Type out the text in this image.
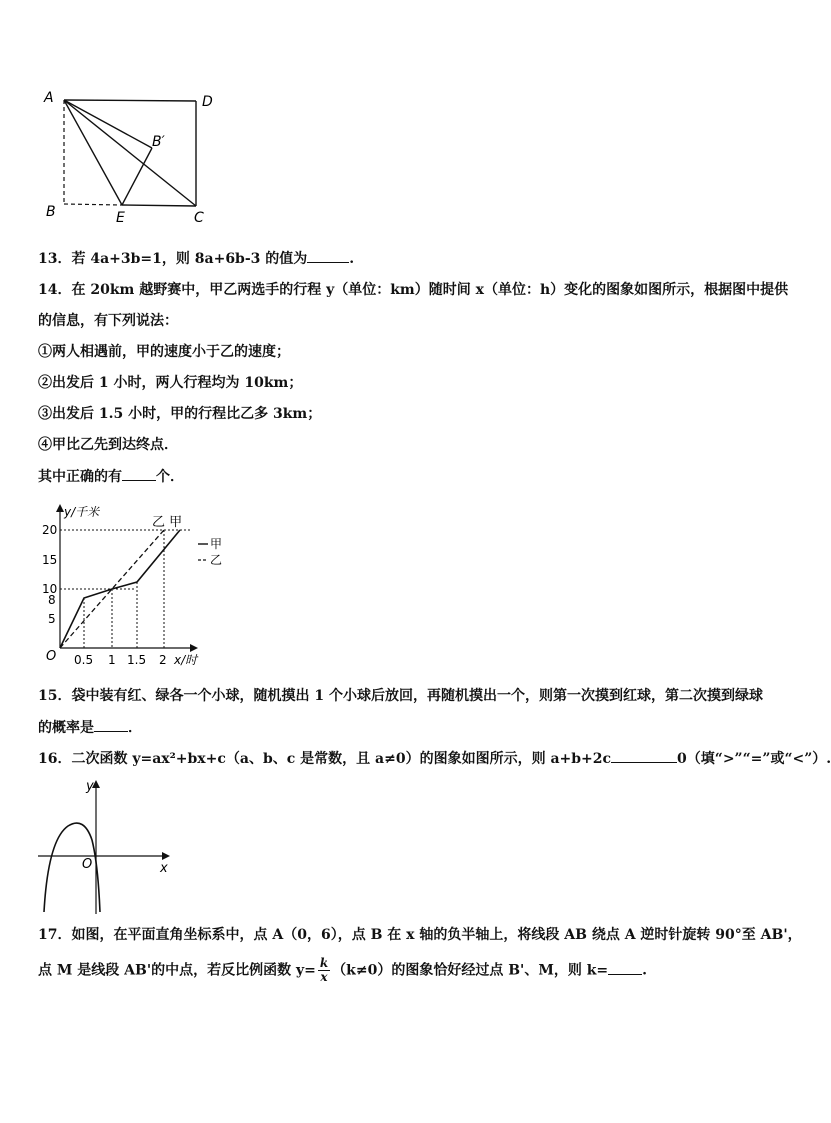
A	D
B′
B	E	C
13．若 4a+3b=1，则 8a+6b-3 的值为	.
14．在 20km 越野赛中，甲乙两选手的行程 y（单位：km）随时间 x（单位：h）变化的图象如图所示，根据图中提供
的信息，有下列说法：
①两人相遇前，甲的速度小于乙的速度；
②出发后 1 小时，两人行程均为 10km；
③出发后 1.5 小时，甲的行程比乙多 3km；
④甲比乙先到达终点．
其中正确的有 个．
y/千米
x/时
O
20
15
10
8
5
0.5 1 1.5 2
乙 甲
甲
乙
15．袋中装有红、绿各一个小球，随机摸出 1 个小球后放回，再随机摸出一个，则第一次摸到红球，第二次摸到绿球
的概率是 ．
16．二次函数 y=ax²+bx+c（a、b、c 是常数，且 a≠0）的图象如图所示，则 a+b+2c	0（填“>”“=”或“<”）.
y
x
O
17．如图，在平面直角坐标系中，点 A（0，6），点 B 在 x 轴的负半轴上，将线段 AB 绕点 A 逆时针旋转 90°至 AB'，
点 M 是线段 AB'的中点，若反比例函数 $y= \frac{k}{x} (k\ne 0)$的图象恰好经过点 B'、M，则 k= .
